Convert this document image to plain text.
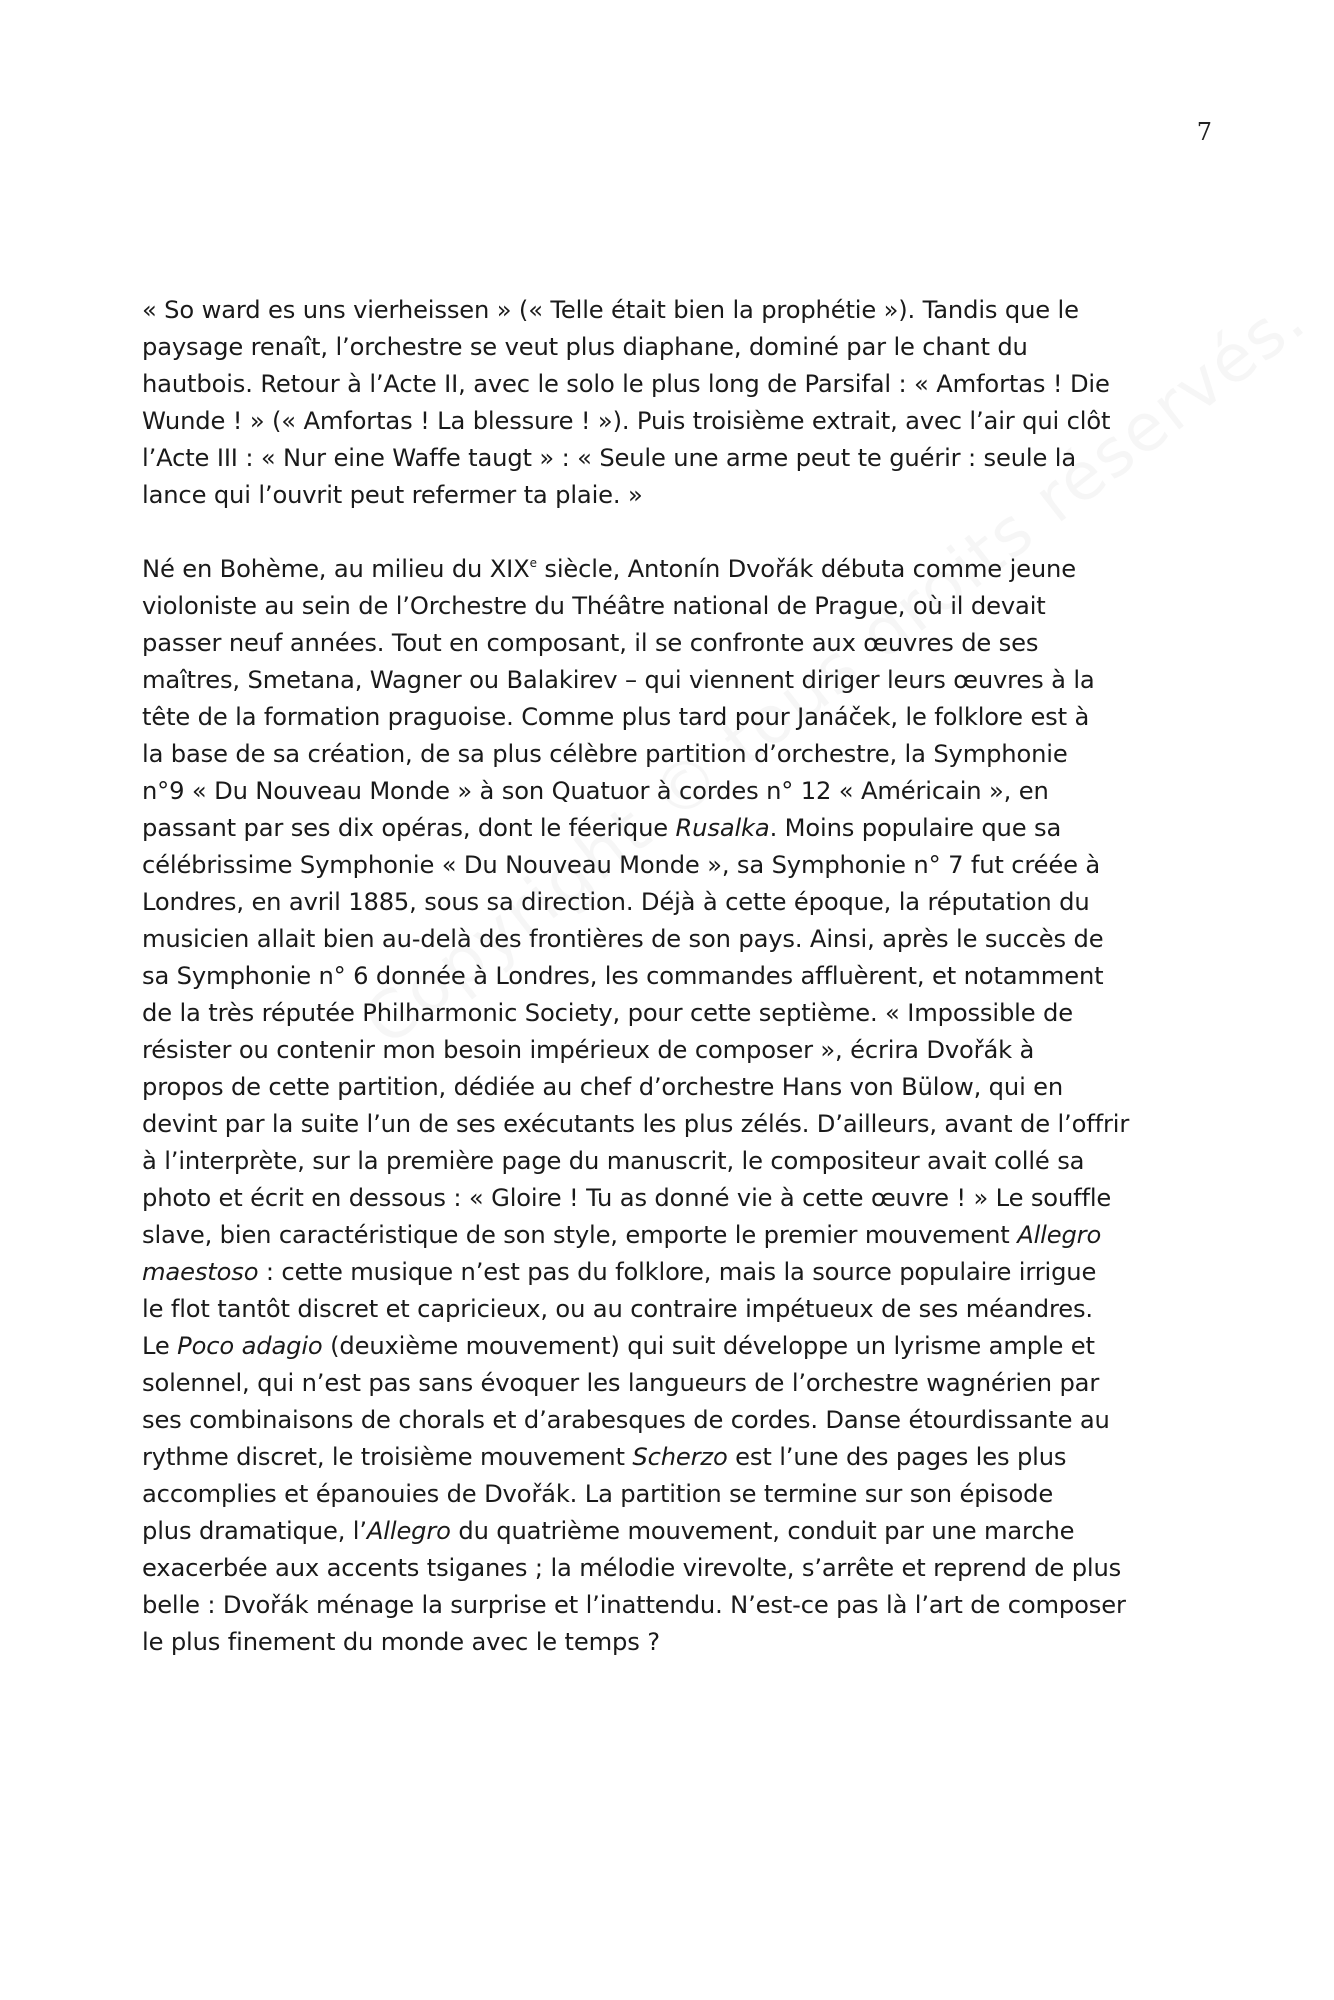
7
« So ward es uns vierheissen » (« Telle était bien la prophétie »). Tandis que le
paysage renaît, l’orchestre se veut plus diaphane, dominé par le chant du
hautbois. Retour à l’Acte II, avec le solo le plus long de Parsifal : « Amfortas ! Die
Wunde ! » (« Amfortas ! La blessure ! »). Puis troisième extrait, avec l’air qui clôt
l’Acte III : « Nur eine Waffe taugt » : « Seule une arme peut te guérir : seule la
lance qui l’ouvrit peut refermer ta plaie. »
Né en Bohème, au milieu du XIXe siècle, Antonín Dvořák débuta comme jeune
violoniste au sein de l’Orchestre du Théâtre national de Prague, où il devait
passer neuf années. Tout en composant, il se confronte aux œuvres de ses
maîtres, Smetana, Wagner ou Balakirev – qui viennent diriger leurs œuvres à la
tête de la formation praguoise. Comme plus tard pour Janáček, le folklore est à
la base de sa création, de sa plus célèbre partition d’orchestre, la Symphonie
n°9 « Du Nouveau Monde » à son Quatuor à cordes n° 12 « Américain », en
passant par ses dix opéras, dont le féerique Rusalka. Moins populaire que sa
célébrissime Symphonie « Du Nouveau Monde », sa Symphonie n° 7 fut créée à
Londres, en avril 1885, sous sa direction. Déjà à cette époque, la réputation du
musicien allait bien au-delà des frontières de son pays. Ainsi, après le succès de
sa Symphonie n° 6 donnée à Londres, les commandes affluèrent, et notamment
de la très réputée Philharmonic Society, pour cette septième. « Impossible de
résister ou contenir mon besoin impérieux de composer », écrira Dvořák à
propos de cette partition, dédiée au chef d’orchestre Hans von Bülow, qui en
devint par la suite l’un de ses exécutants les plus zélés. D’ailleurs, avant de l’offrir
à l’interprète, sur la première page du manuscrit, le compositeur avait collé sa
photo et écrit en dessous : « Gloire ! Tu as donné vie à cette œuvre ! » Le souffle
slave, bien caractéristique de son style, emporte le premier mouvement Allegro
maestoso : cette musique n’est pas du folklore, mais la source populaire irrigue
le flot tantôt discret et capricieux, ou au contraire impétueux de ses méandres.
Le Poco adagio (deuxième mouvement) qui suit développe un lyrisme ample et
solennel, qui n’est pas sans évoquer les langueurs de l’orchestre wagnérien par
ses combinaisons de chorals et d’arabesques de cordes. Danse étourdissante au
rythme discret, le troisième mouvement Scherzo est l’une des pages les plus
accomplies et épanouies de Dvořák. La partition se termine sur son épisode
plus dramatique, l’Allegro du quatrième mouvement, conduit par une marche
exacerbée aux accents tsiganes ; la mélodie virevolte, s’arrête et reprend de plus
belle : Dvořák ménage la surprise et l’inattendu. N’est-ce pas là l’art de composer
le plus finement du monde avec le temps ?
